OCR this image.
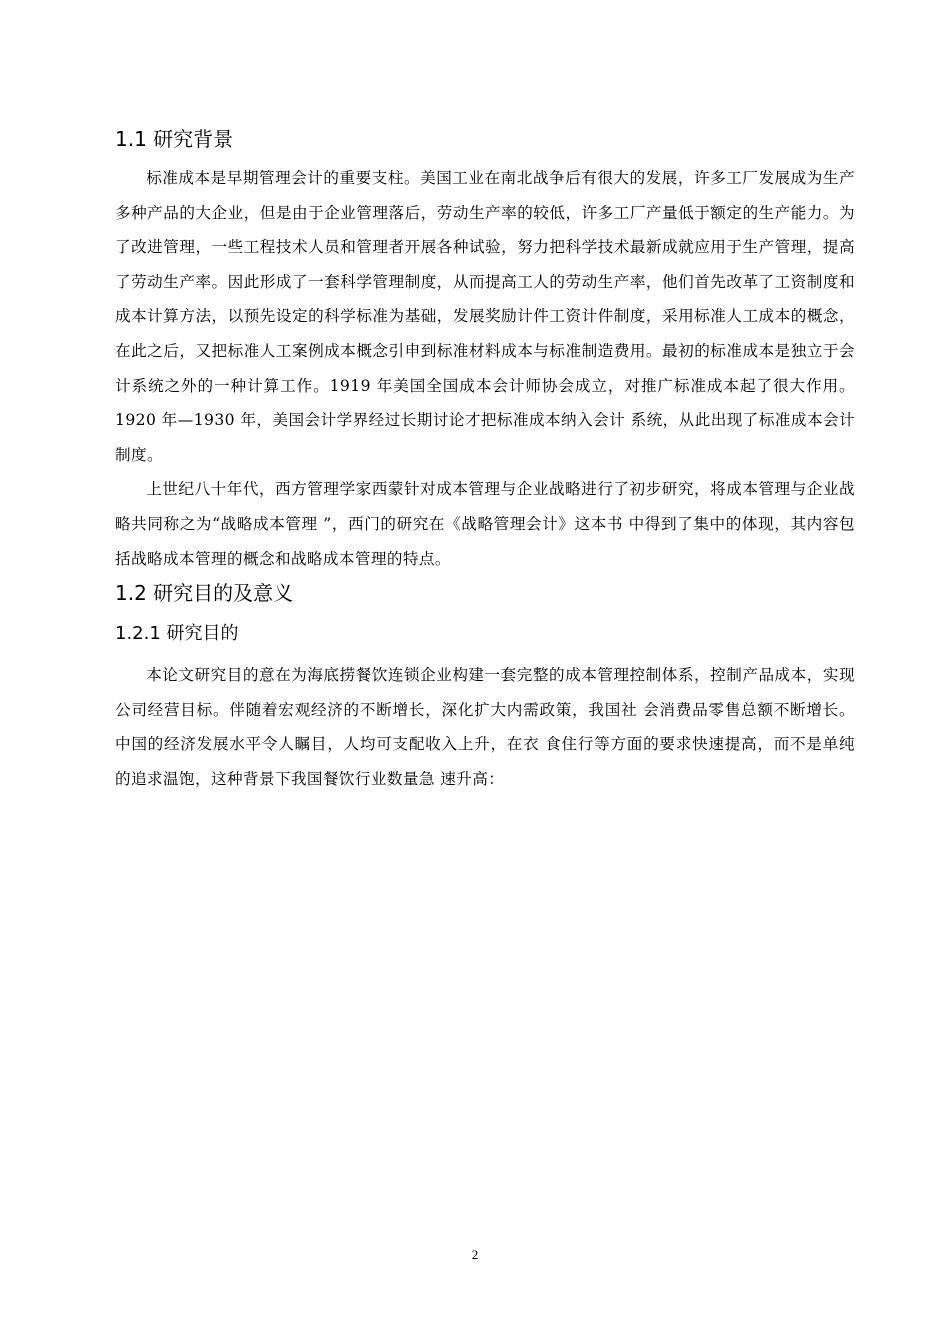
1.1 研究背景

标准成本是早期管理会计的重要支柱。美国工业在南北战争后有很大的发展，许多工厂发展成为生产多种产品的大企业，但是由于企业管理落后，劳动生产率的较低，许多工厂产量低于额定的生产能力。为了改进管理，一些工程技术人员和管理者开展各种试验，努力把科学技术最新成就应用于生产管理，提高了劳动生产率。因此形成了一套科学管理制度，从而提高工人的劳动生产率，他们首先改革了工资制度和成本计算方法，以预先设定的科学标准为基础，发展奖励计件工资计件制度，采用标准人工成本的概念，在此之后，又把标准人工案例成本概念引申到标准材料成本与标准制造费用。最初的标准成本是独立于会计系统之外的一种计算工作。1919 年美国全国成本会计师协会成立，对推广标准成本起了很大作用。1920 年—1930 年，美国会计学界经过长期讨论才把标准成本纳入会计 系统，从此出现了标准成本会计制度。

上世纪八十年代，西方管理学家西蒙针对成本管理与企业战略进行了初步研究，将成本管理与企业战略共同称之为“战略成本管理 ”，西门的研究在《战略管理会计》这本书 中得到了集中的体现，其内容包括战略成本管理的概念和战略成本管理的特点。

1.2 研究目的及意义
1.2.1 研究目的

本论文研究目的意在为海底捞餐饮连锁企业构建一套完整的成本管理控制体系，控制产品成本，实现公司经营目标。伴随着宏观经济的不断增长，深化扩大内需政策，我国社 会消费品零售总额不断增长。中国的经济发展水平令人瞩目，人均可支配收入上升，在衣 食住行等方面的要求快速提高，而不是单纯的追求温饱，这种背景下我国餐饮行业数量急 速升高：

2
